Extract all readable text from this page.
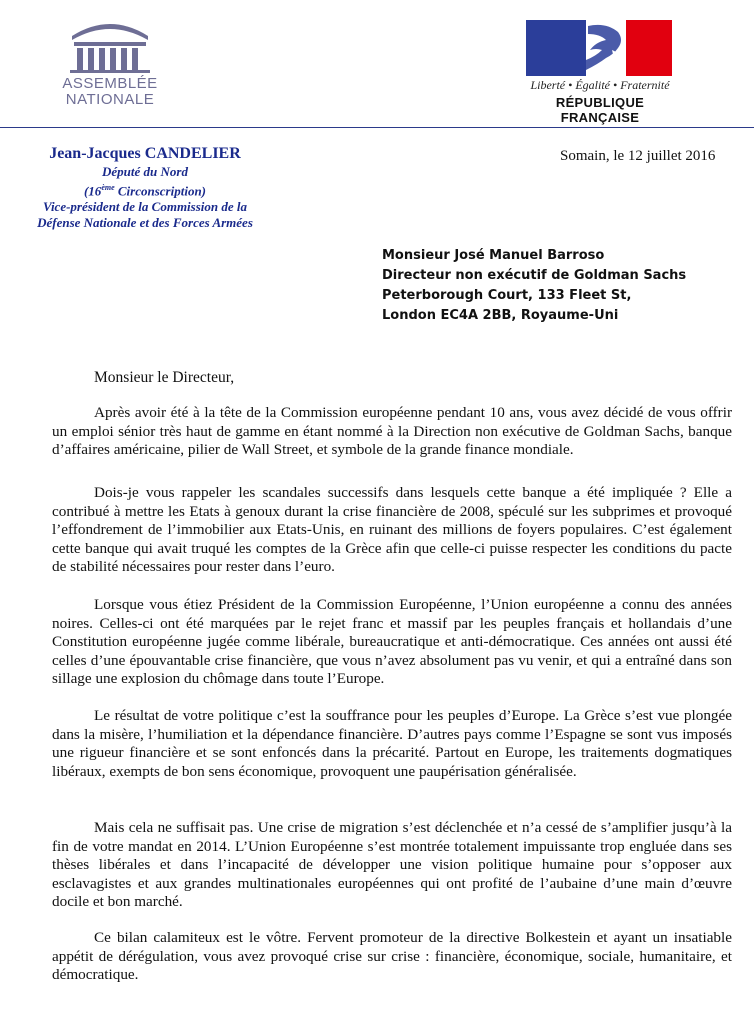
ASSEMBLÉE
NATIONALE
Liberté • Égalité • Fraternité
RÉPUBLIQUE FRANÇAISE
Jean-Jacques CANDELIER
Député du Nord
(16ème Circonscription)
Vice-président de la Commission de la
Défense Nationale et des Forces Armées
Somain, le 12 juillet 2016
Monsieur José Manuel Barroso
Directeur non exécutif de Goldman Sachs
Peterborough Court, 133 Fleet St,
London EC4A 2BB, Royaume-Uni
Monsieur le Directeur,
Après avoir été à la tête de la Commission européenne pendant 10 ans, vous avez décidé de vous offrir un emploi sénior très haut de gamme en étant nommé à la Direction non exécutive de Goldman Sachs, banque d’affaires américaine, pilier de Wall Street, et symbole de la grande finance mondiale.
Dois-je vous rappeler les scandales successifs dans lesquels cette banque a été impliquée ? Elle a contribué à mettre les Etats à genoux durant la crise financière de 2008, spéculé sur les subprimes et provoqué l’effondrement de l’immobilier aux Etats-Unis, en ruinant des millions de foyers populaires. C’est également cette banque qui avait truqué les comptes de la Grèce afin que celle-ci puisse respecter les conditions du pacte de stabilité nécessaires pour rester dans l’euro.
Lorsque vous étiez Président de la Commission Européenne, l’Union européenne a connu des années noires. Celles-ci ont été marquées par le rejet franc et massif par les peuples français et hollandais d’une Constitution européenne jugée comme libérale, bureaucratique et anti-démocratique. Ces années ont aussi été celles d’une épouvantable crise financière, que vous n’avez absolument pas vu venir, et qui a entraîné dans son sillage une explosion du chômage dans toute l’Europe.
Le résultat de votre politique c’est la souffrance pour les peuples d’Europe. La Grèce s’est vue plongée dans la misère, l’humiliation et la dépendance financière. D’autres pays comme l’Espagne se sont vus imposés une rigueur financière et se sont enfoncés dans la précarité. Partout en Europe, les traitements dogmatiques libéraux, exempts de bon sens économique, provoquent une paupérisation généralisée.
Mais cela ne suffisait pas. Une crise de migration s’est déclenchée et n’a cessé de s’amplifier jusqu’à la fin de votre mandat en 2014. L’Union Européenne s’est montrée totalement impuissante trop engluée dans ses thèses libérales et dans l’incapacité de développer une vision politique humaine pour s’opposer aux esclavagistes et aux grandes multinationales européennes qui ont profité de l’aubaine d’une main d’œuvre docile et bon marché.
Ce bilan calamiteux est le vôtre. Fervent promoteur de la directive Bolkestein et ayant un insatiable appétit de dérégulation, vous avez provoqué crise sur crise : financière, économique, sociale, humanitaire, et démocratique.
